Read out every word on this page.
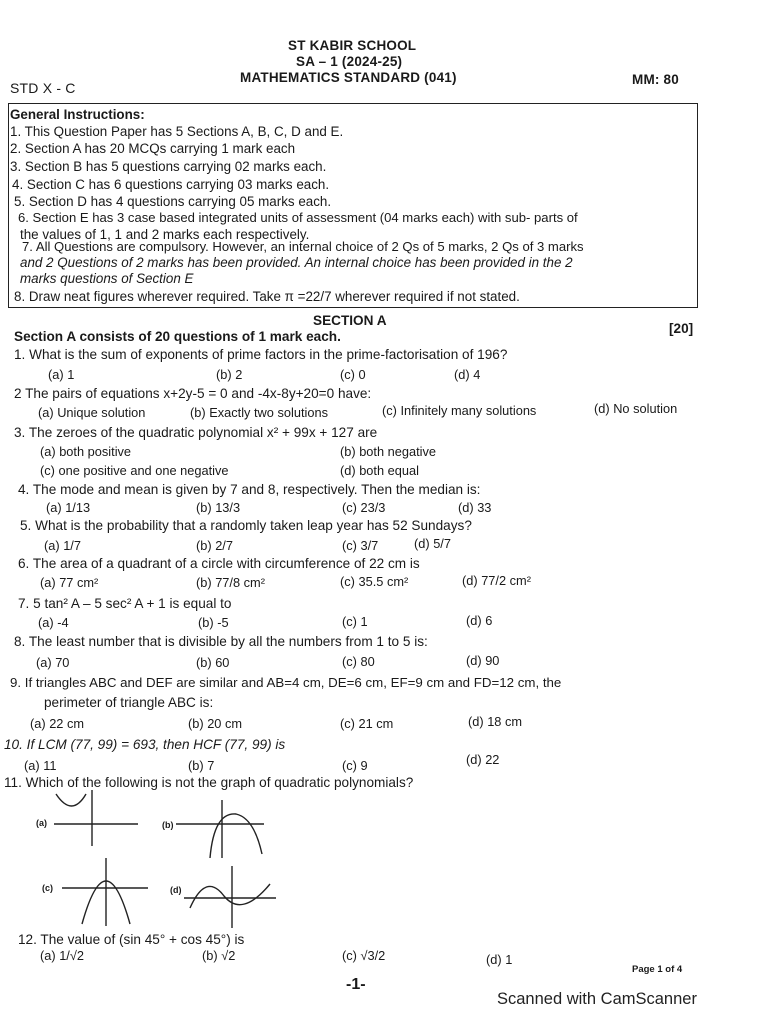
ST KABIR SCHOOL
SA – 1 (2024-25)
MATHEMATICS STANDARD (041)
STD X - C
MM: 80
General Instructions:
1. This Question Paper has 5 Sections A, B, C, D and E.
2. Section A has 20 MCQs carrying 1 mark each
3. Section B has 5 questions carrying 02 marks each.
4. Section C has 6 questions carrying 03 marks each.
5. Section D has 4 questions carrying 05 marks each.
6. Section E has 3 case based integrated units of assessment (04 marks each) with sub- parts of
the values of 1, 1 and 2 marks each respectively.
7. All Questions are compulsory. However, an internal choice of 2 Qs of 5 marks, 2 Qs of 3 marks
and 2 Questions of 2 marks has been provided. An internal choice has been provided in the 2
marks questions of Section E
8. Draw neat figures wherever required. Take π =22/7 wherever required if not stated.
SECTION A
Section A consists of 20 questions of 1 mark each.
[20]
1. What is the sum of exponents of prime factors in the prime-factorisation of 196?
(a) 1	(b) 2	(c) 0	(d) 4
2 The pairs of equations x+2y-5 = 0 and -4x-8y+20=0 have:
(a) Unique solution	(b) Exactly two solutions	(c) Infinitely many solutions	(d) No solution
3. The zeroes of the quadratic polynomial x² + 99x + 127 are
(a) both positive	(b) both negative
(c) one positive and one negative	(d) both equal
4. The mode and mean is given by 7 and 8, respectively. Then the median is:
(a) 1/13	(b) 13/3	(c) 23/3	(d) 33
5. What is the probability that a randomly taken leap year has 52 Sundays?
(a) 1/7	(b) 2/7	(c) 3/7	(d) 5/7
6. The area of a quadrant of a circle with circumference of 22 cm is
(a) 77 cm²	(b) 77/8 cm²	(c) 35.5 cm²	(d) 77/2 cm²
7. 5 tan² A – 5 sec² A + 1 is equal to
(a) -4	(b) -5	(c) 1	(d) 6
8. The least number that is divisible by all the numbers from 1 to 5 is:
(a) 70	(b) 60	(c) 80	(d) 90
9. If triangles ABC and DEF are similar and AB=4 cm, DE=6 cm, EF=9 cm and FD=12 cm, the
perimeter of triangle ABC is:
(a) 22 cm	(b) 20 cm	(c) 21 cm	(d) 18 cm
10. If LCM (77, 99) = 693, then HCF (77, 99) is
(a) 11	(b) 7	(c) 9	(d) 22
11. Which of the following is not the graph of quadratic polynomials?
(a)	(b)
(c)	(d)
12. The value of (sin 45° + cos 45°) is
(a) 1/√2	(b) √2	(c) √3/2	(d) 1
Page 1 of 4
-1-
Scanned with CamScanner
